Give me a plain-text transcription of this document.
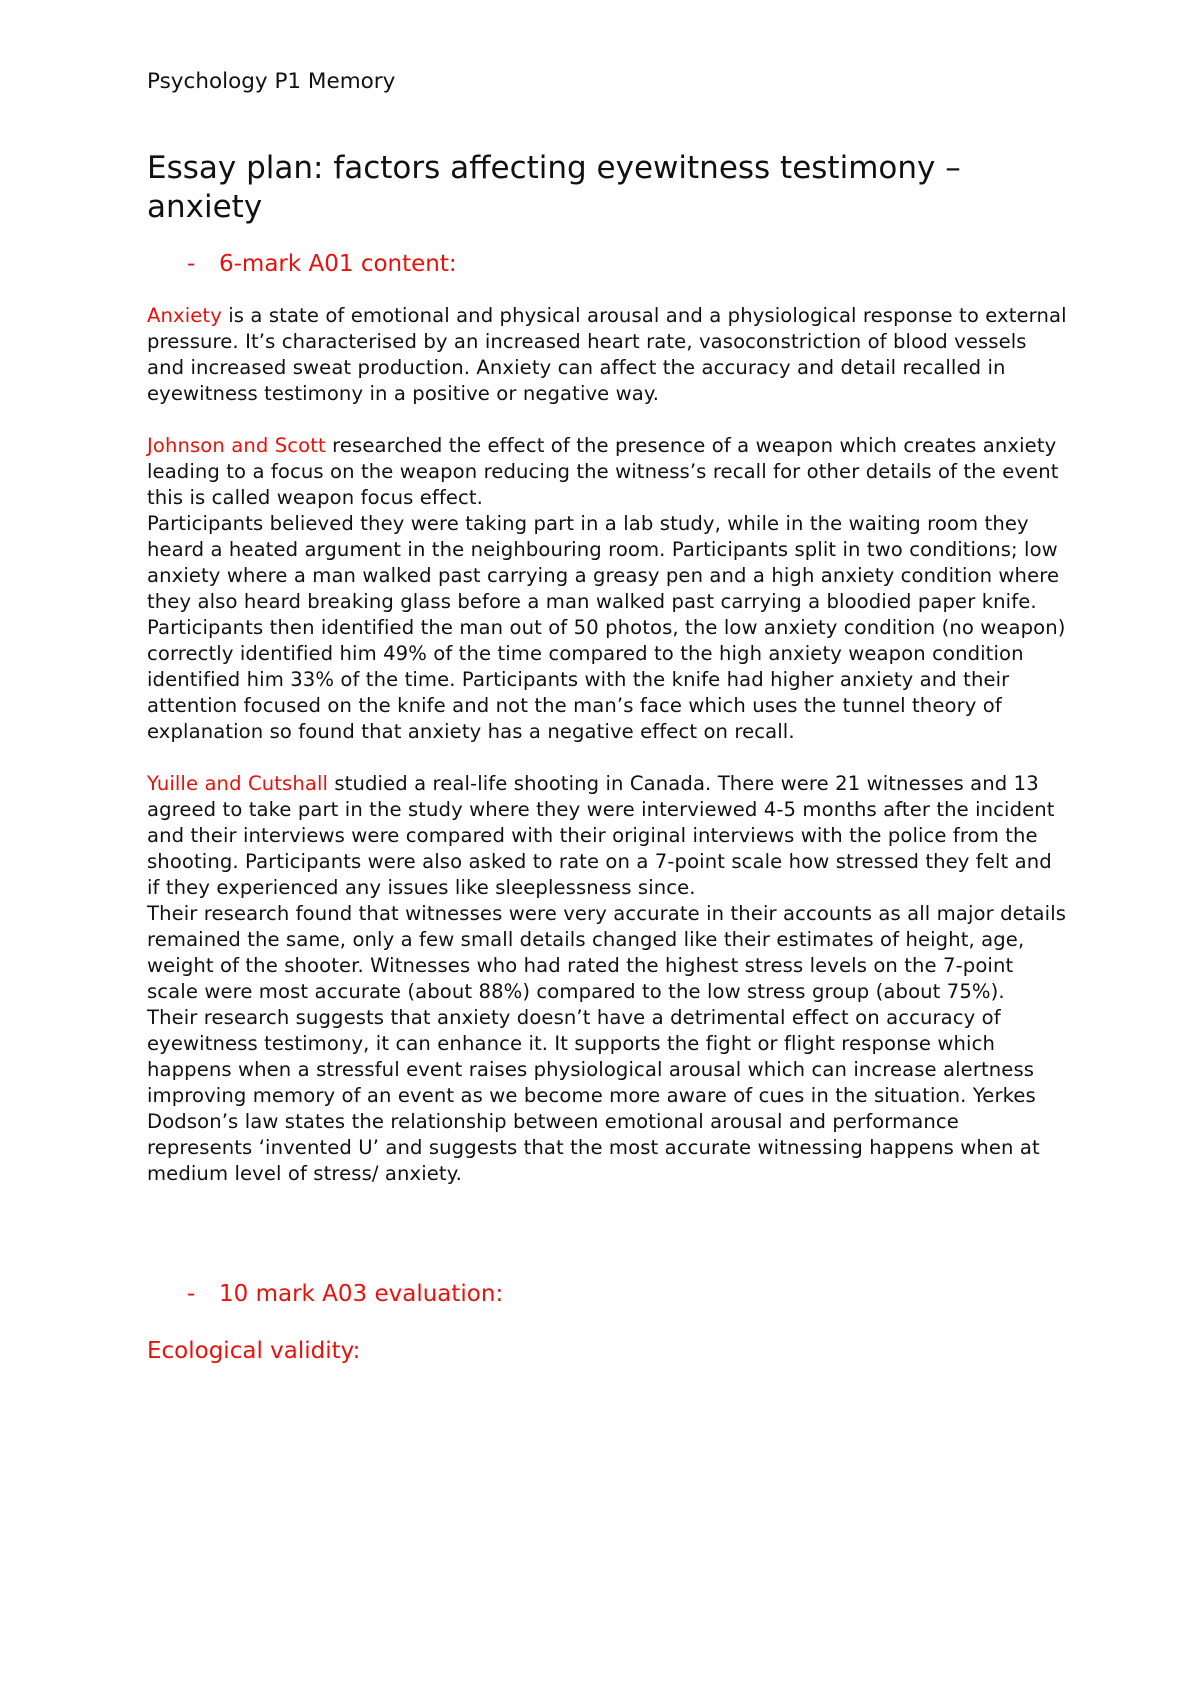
Psychology P1 Memory

Essay plan: factors affecting eyewitness testimony – anxiety

- 6-mark A01 content:

Anxiety is a state of emotional and physical arousal and a physiological response to external pressure. It’s characterised by an increased heart rate, vasoconstriction of blood vessels and increased sweat production. Anxiety can affect the accuracy and detail recalled in eyewitness testimony in a positive or negative way.

Johnson and Scott researched the effect of the presence of a weapon which creates anxiety leading to a focus on the weapon reducing the witness’s recall for other details of the event this is called weapon focus effect.
Participants believed they were taking part in a lab study, while in the waiting room they heard a heated argument in the neighbouring room. Participants split in two conditions; low anxiety where a man walked past carrying a greasy pen and a high anxiety condition where they also heard breaking glass before a man walked past carrying a bloodied paper knife.
Participants then identified the man out of 50 photos, the low anxiety condition (no weapon) correctly identified him 49% of the time compared to the high anxiety weapon condition identified him 33% of the time. Participants with the knife had higher anxiety and their attention focused on the knife and not the man’s face which uses the tunnel theory of explanation so found that anxiety has a negative effect on recall.

Yuille and Cutshall studied a real-life shooting in Canada. There were 21 witnesses and 13 agreed to take part in the study where they were interviewed 4-5 months after the incident and their interviews were compared with their original interviews with the police from the shooting. Participants were also asked to rate on a 7-point scale how stressed they felt and if they experienced any issues like sleeplessness since.
Their research found that witnesses were very accurate in their accounts as all major details remained the same, only a few small details changed like their estimates of height, age, weight of the shooter. Witnesses who had rated the highest stress levels on the 7-point scale were most accurate (about 88%) compared to the low stress group (about 75%).
Their research suggests that anxiety doesn’t have a detrimental effect on accuracy of eyewitness testimony, it can enhance it. It supports the fight or flight response which happens when a stressful event raises physiological arousal which can increase alertness improving memory of an event as we become more aware of cues in the situation. Yerkes Dodson’s law states the relationship between emotional arousal and performance represents ‘invented U’ and suggests that the most accurate witnessing happens when at medium level of stress/ anxiety.

- 10 mark A03 evaluation:

Ecological validity:
